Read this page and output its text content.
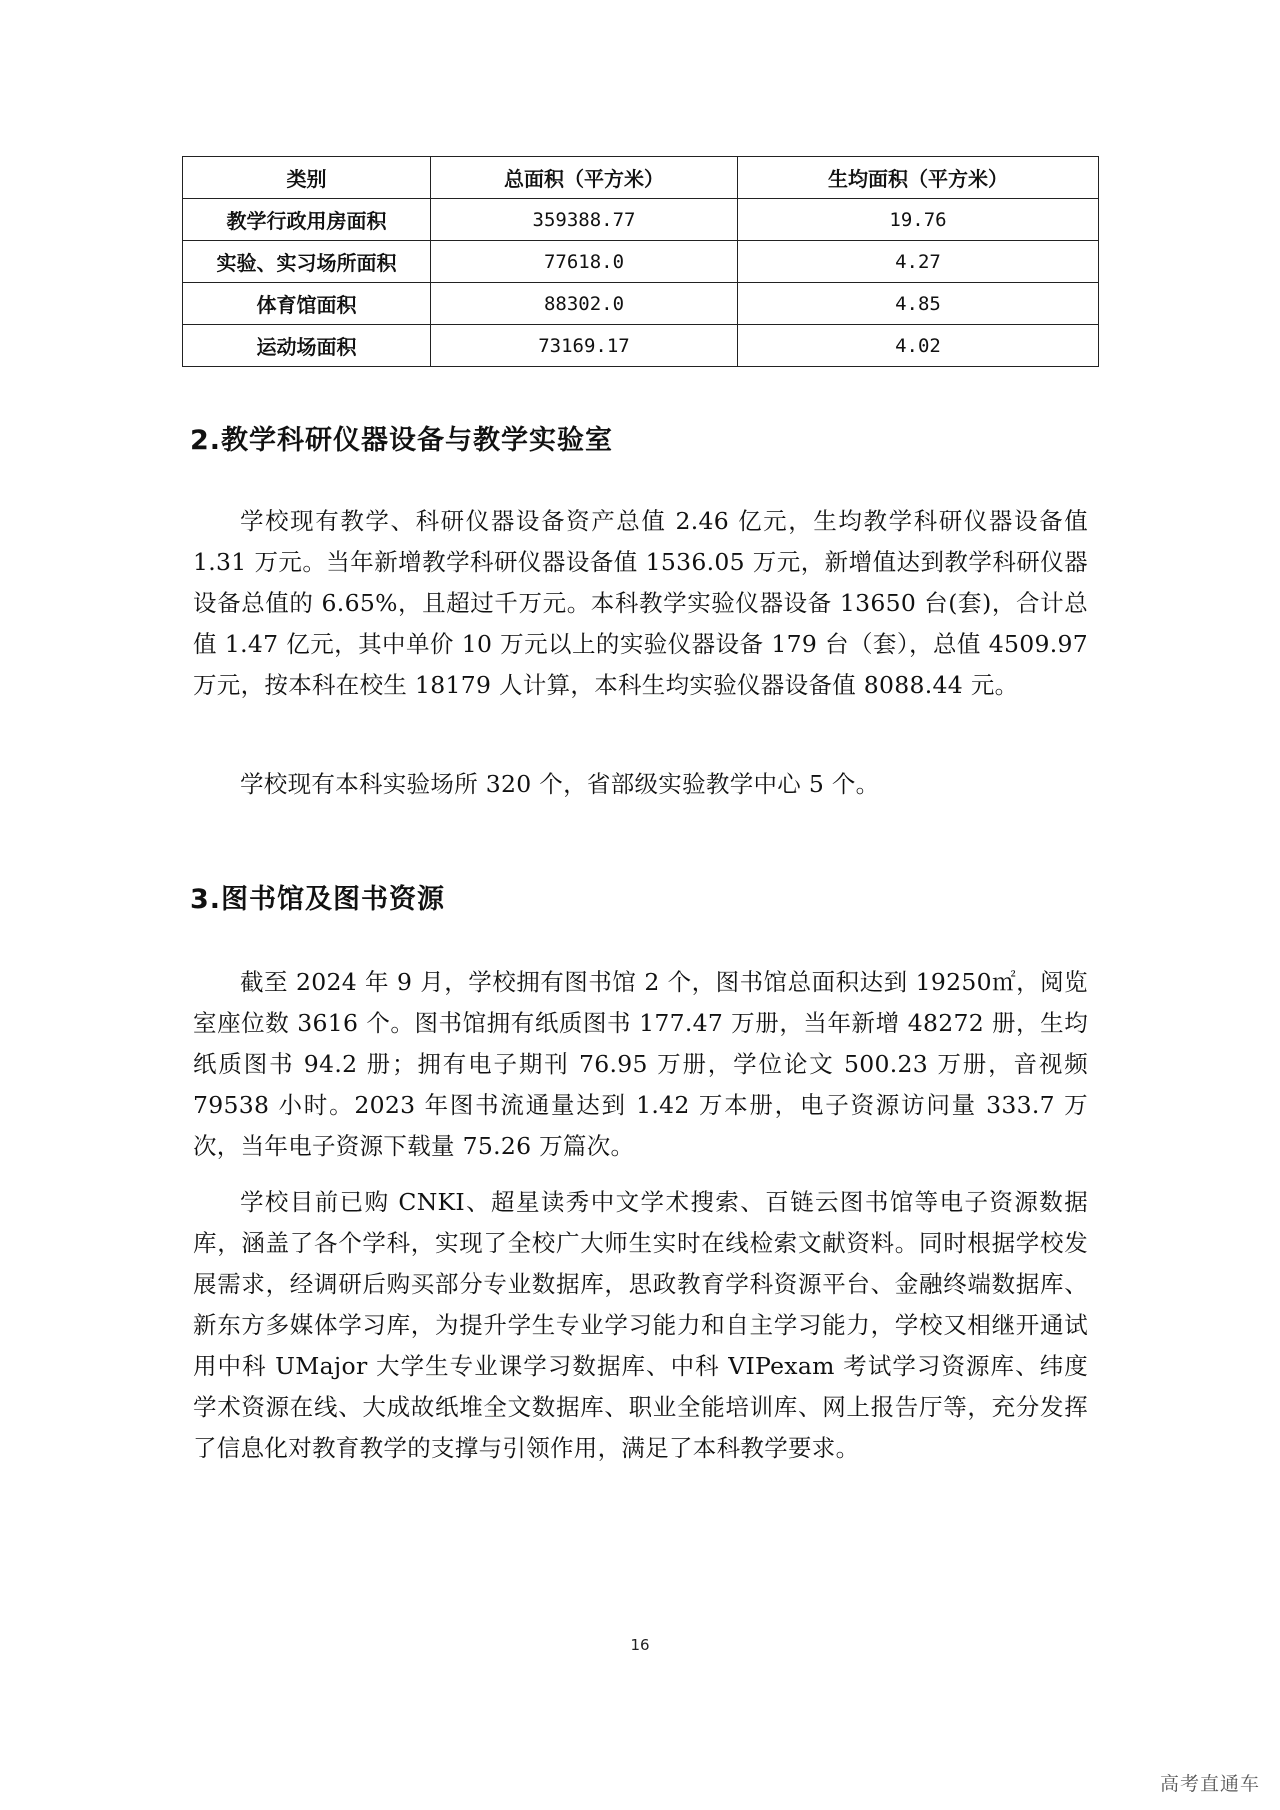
类别	总面积（平方米）	生均面积（平方米）
教学行政用房面积	359388.77	19.76
实验、实习场所面积	77618.0	4.27
体育馆面积	88302.0	4.85
运动场面积	73169.17	4.02
2.教学科研仪器设备与教学实验室

学校现有教学、科研仪器设备资产总值 2.46 亿元，生均教学科研仪器设备值 1.31 万元。当年新增教学科研仪器设备值 1536.05 万元，新增值达到教学科研仪器设备总值的 6.65%，且超过千万元。本科教学实验仪器设备 13650 台(套)，合计总值 1.47 亿元，其中单价 10 万元以上的实验仪器设备 179 台（套），总值 4509.97 万元，按本科在校生 18179 人计算，本科生均实验仪器设备值 8088.44 元。

学校现有本科实验场所 320 个，省部级实验教学中心 5 个。

3.图书馆及图书资源

截至 2024 年 9 月，学校拥有图书馆 2 个，图书馆总面积达到 19250㎡，阅览室座位数 3616 个。图书馆拥有纸质图书 177.47 万册，当年新增 48272 册，生均纸质图书 94.2 册；拥有电子期刊 76.95 万册，学位论文 500.23 万册，音视频 79538 小时。2023 年图书流通量达到 1.42 万本册，电子资源访问量 333.7 万次，当年电子资源下载量 75.26 万篇次。

学校目前已购 CNKI、超星读秀中文学术搜索、百链云图书馆等电子资源数据库，涵盖了各个学科，实现了全校广大师生实时在线检索文献资料。同时根据学校发展需求，经调研后购买部分专业数据库，思政教育学科资源平台、金融终端数据库、新东方多媒体学习库，为提升学生专业学习能力和自主学习能力，学校又相继开通试用中科 UMajor 大学生专业课学习数据库、中科 VIPexam 考试学习资源库、纬度学术资源在线、大成故纸堆全文数据库、职业全能培训库、网上报告厅等，充分发挥了信息化对教育教学的支撑与引领作用，满足了本科教学要求。

16
高考直通车
